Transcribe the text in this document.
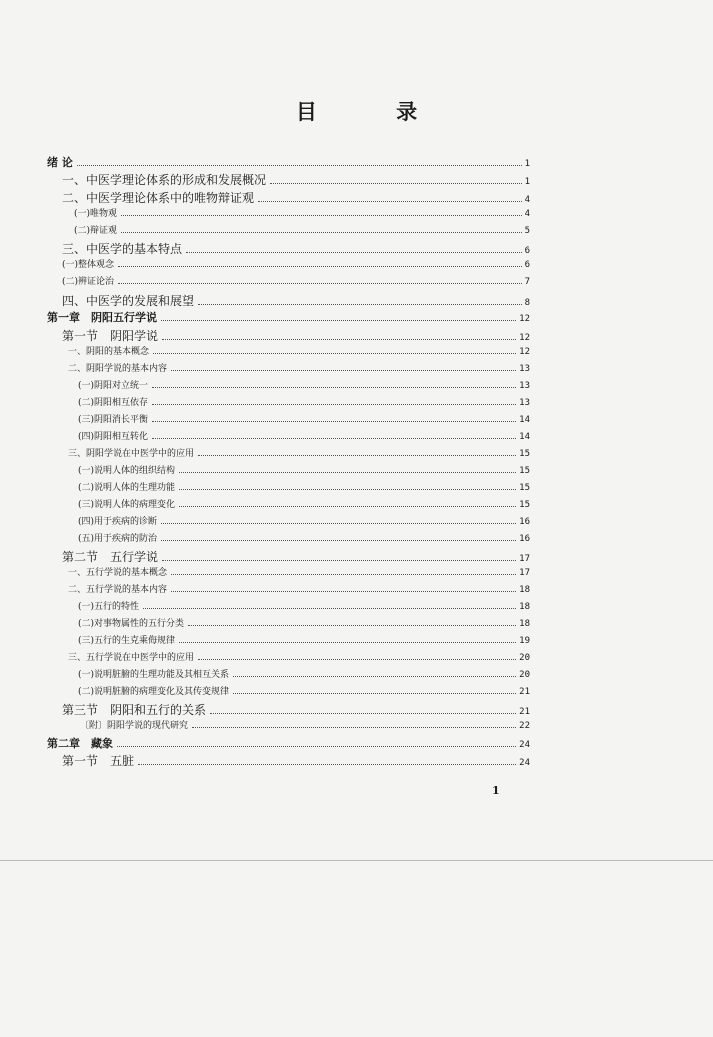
目 录
绪 论	1
一、中医学理论体系的形成和发展概况	1
二、中医学理论体系中的唯物辩证观	4
(一)唯物观	4
(二)辩证观	5
三、中医学的基本特点	6
(一)整体观念	6
(二)辨证论治	7
四、中医学的发展和展望	8
第一章　阴阳五行学说	12
第一节　阴阳学说	12
一、阴阳的基本概念	12
二、阴阳学说的基本内容	13
(一)阴阳对立统一	13
(二)阴阳相互依存	13
(三)阴阳消长平衡	14
(四)阴阳相互转化	14
三、阴阳学说在中医学中的应用	15
(一)说明人体的组织结构	15
(二)说明人体的生理功能	15
(三)说明人体的病理变化	15
(四)用于疾病的诊断	16
(五)用于疾病的防治	16
第二节　五行学说	17
一、五行学说的基本概念	17
二、五行学说的基本内容	18
(一)五行的特性	18
(二)对事物属性的五行分类	18
(三)五行的生克乘侮规律	19
三、五行学说在中医学中的应用	20
(一)说明脏腑的生理功能及其相互关系	20
(二)说明脏腑的病理变化及其传变规律	21
第三节　阴阳和五行的关系	21
〔附〕阴阳学说的现代研究	22
第二章　藏象	24
第一节　五脏	24
1
